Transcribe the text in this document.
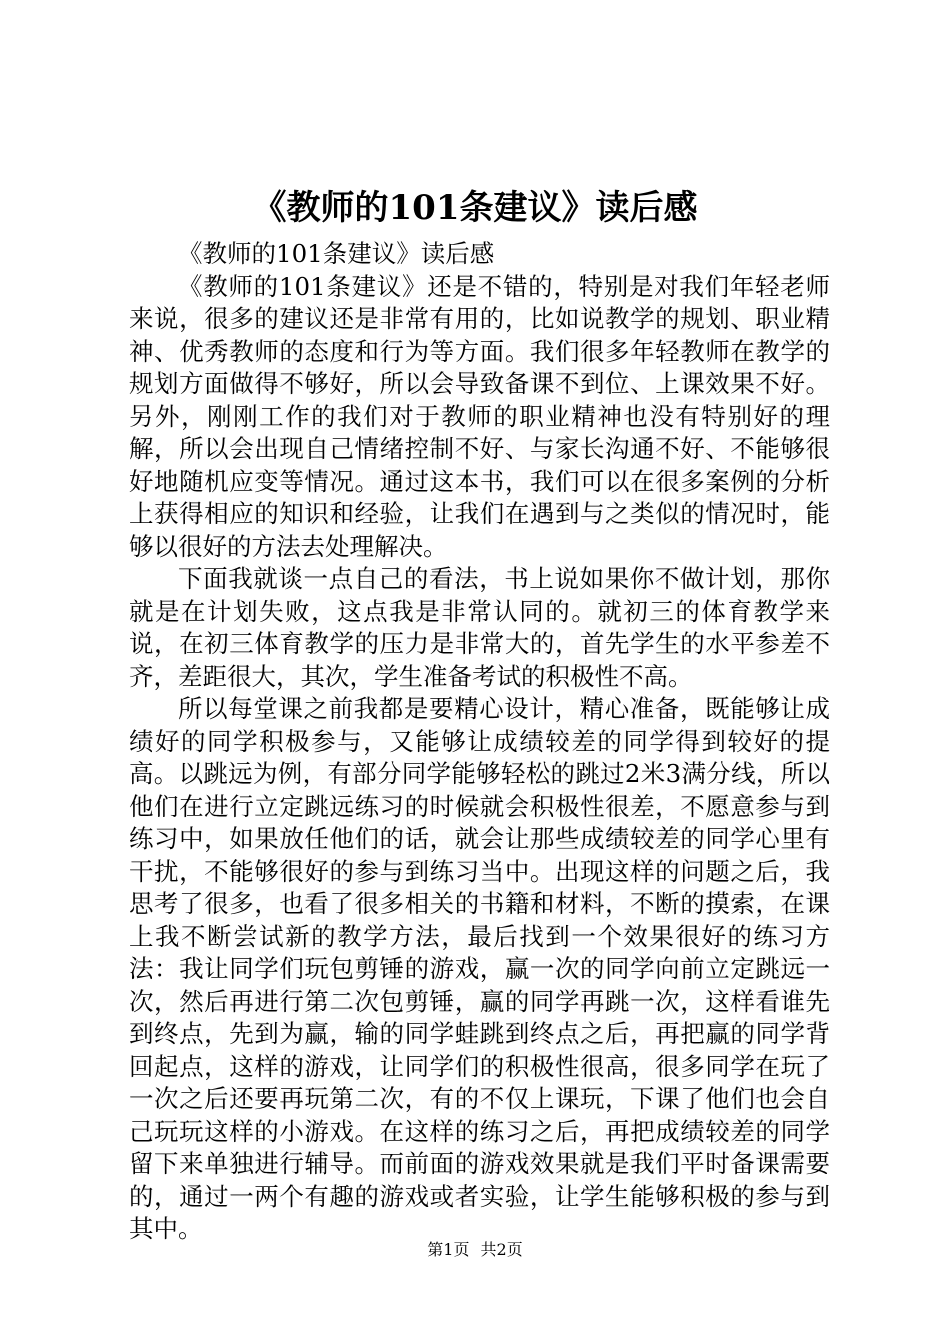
《教师的101条建议》读后感

《教师的101条建议》读后感

《教师的101条建议》还是不错的，特别是对我们年轻老师来说，很多的建议还是非常有用的，比如说教学的规划、职业精神、优秀教师的态度和行为等方面。我们很多年轻教师在教学的规划方面做得不够好，所以会导致备课不到位、上课效果不好。另外，刚刚工作的我们对于教师的职业精神也没有特别好的理解，所以会出现自己情绪控制不好、与家长沟通不好、不能够很好地随机应变等情况。通过这本书，我们可以在很多案例的分析上获得相应的知识和经验，让我们在遇到与之类似的情况时，能够以很好的方法去处理解决。

下面我就谈一点自己的看法，书上说如果你不做计划，那你就是在计划失败，这点我是非常认同的。就初三的体育教学来说，在初三体育教学的压力是非常大的，首先学生的水平参差不齐，差距很大，其次，学生准备考试的积极性不高。

所以每堂课之前我都是要精心设计，精心准备，既能够让成绩好的同学积极参与，又能够让成绩较差的同学得到较好的提高。以跳远为例，有部分同学能够轻松的跳过2米3满分线，所以他们在进行立定跳远练习的时候就会积极性很差，不愿意参与到练习中，如果放任他们的话，就会让那些成绩较差的同学心里有干扰，不能够很好的参与到练习当中。出现这样的问题之后，我思考了很多，也看了很多相关的书籍和材料，不断的摸索，在课上我不断尝试新的教学方法，最后找到一个效果很好的练习方法：我让同学们玩包剪锤的游戏，赢一次的同学向前立定跳远一次，然后再进行第二次包剪锤，赢的同学再跳一次，这样看谁先到终点，先到为赢，输的同学蛙跳到终点之后，再把赢的同学背回起点，这样的游戏，让同学们的积极性很高，很多同学在玩了一次之后还要再玩第二次，有的不仅上课玩，下课了他们也会自己玩玩这样的小游戏。在这样的练习之后，再把成绩较差的同学留下来单独进行辅导。而前面的游戏效果就是我们平时备课需要的，通过一两个有趣的游戏或者实验，让学生能够积极的参与到其中。

第1页 共2页
